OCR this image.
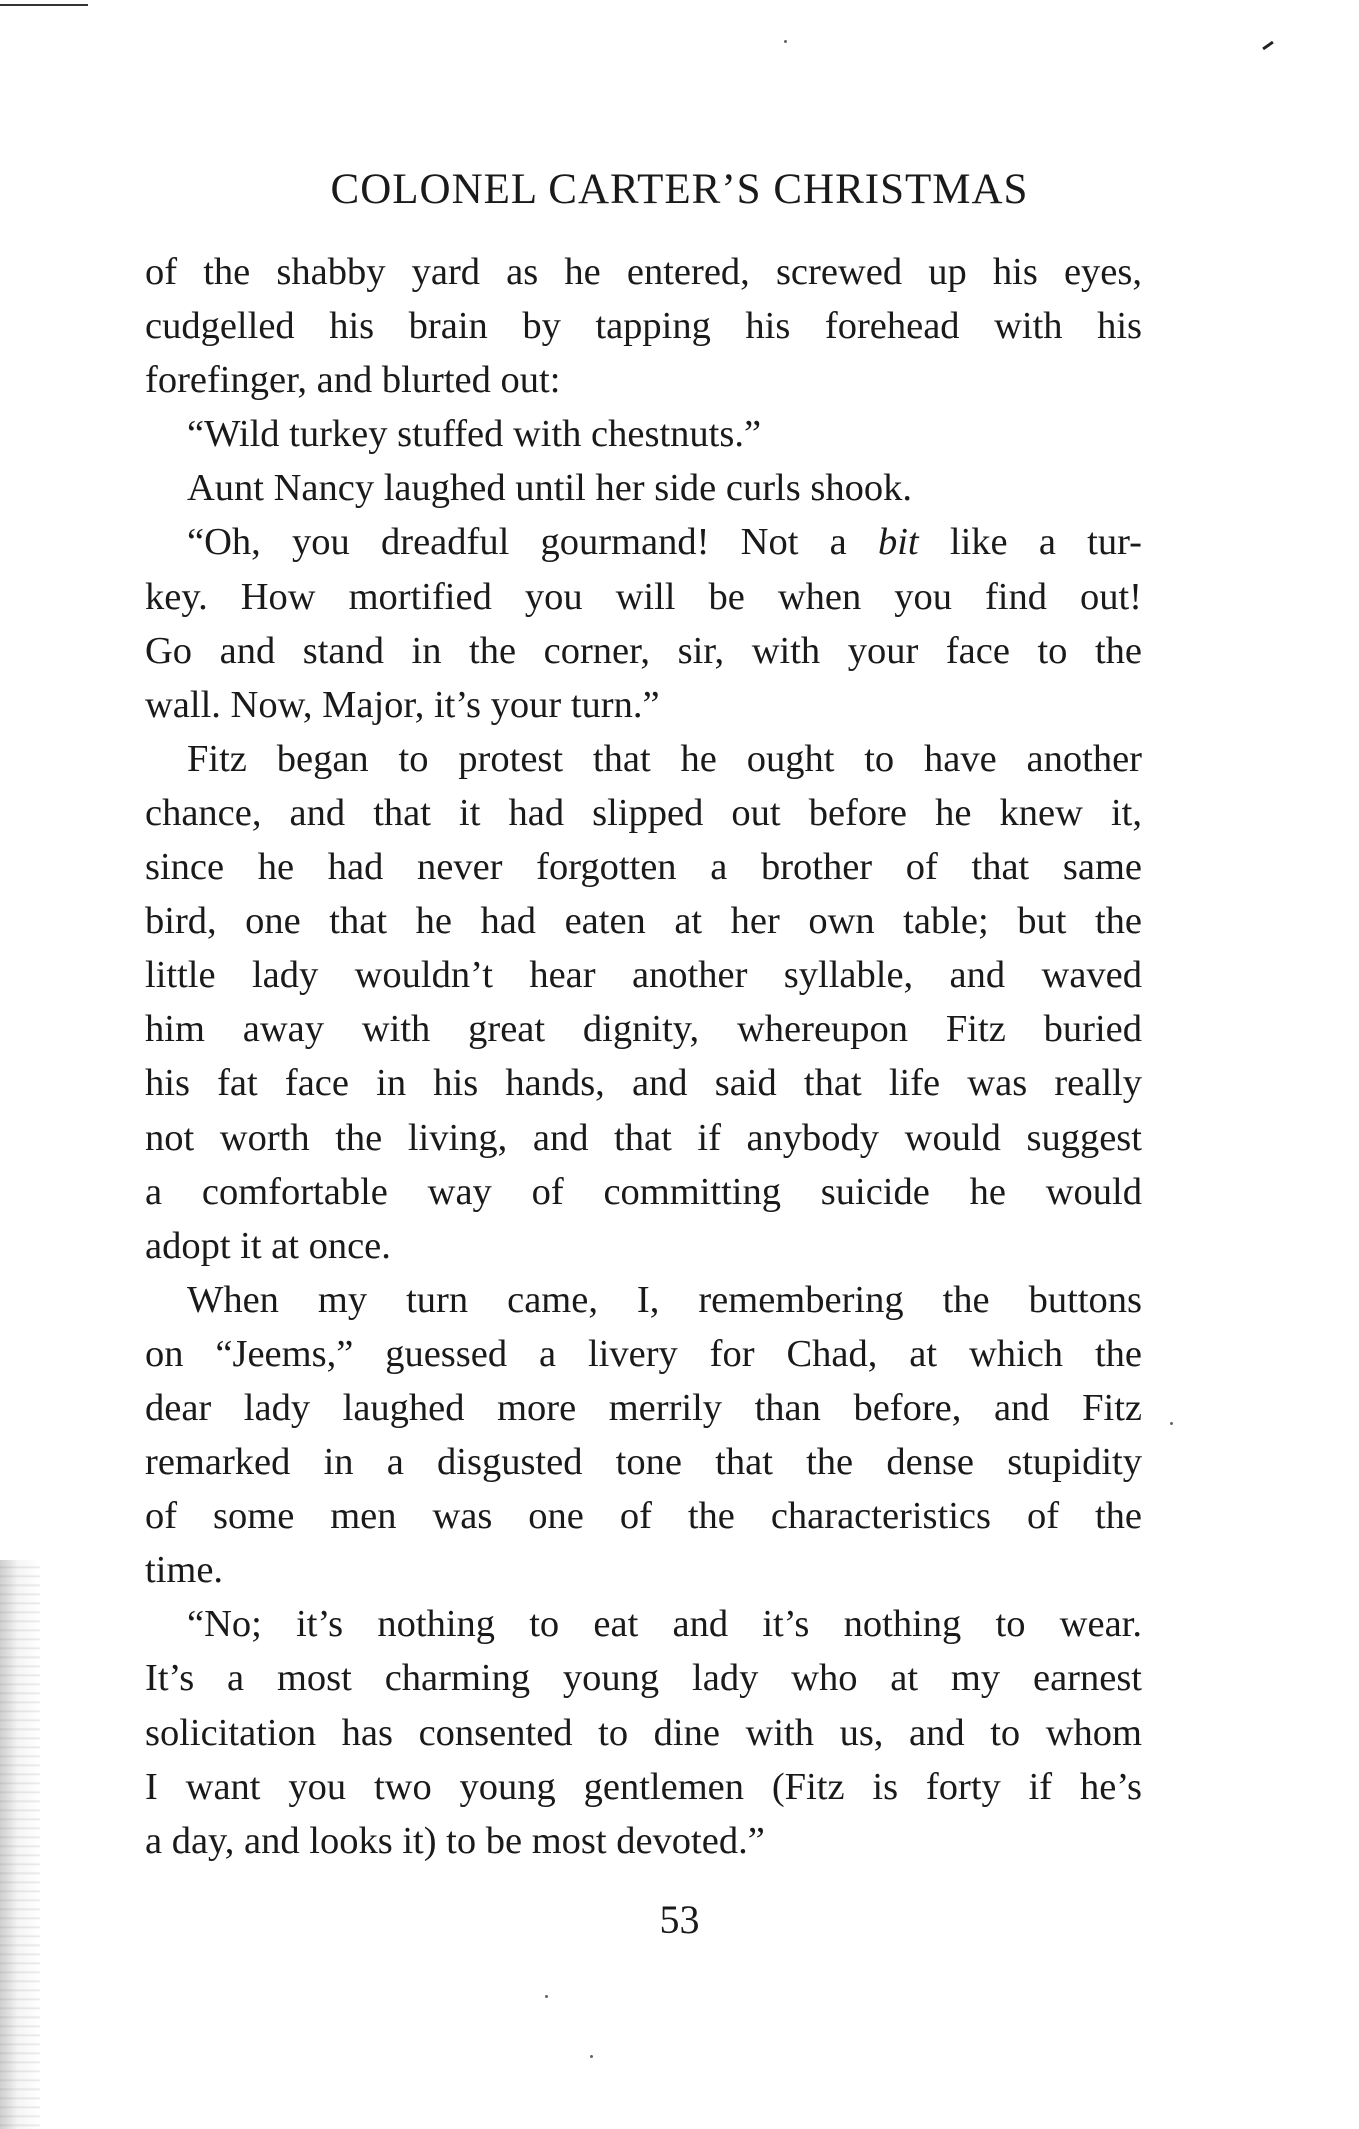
COLONEL CARTER’S CHRISTMAS
of the shabby yard as he entered, screwed up his eyes,
cudgelled his brain by tapping his forehead with his
forefinger, and blurted out:
“Wild turkey stuffed with chestnuts.”
Aunt Nancy laughed until her side curls shook.
“Oh, you dreadful gourmand! Not a bit like a tur-
key. How mortified you will be when you find out!
Go and stand in the corner, sir, with your face to the
wall. Now, Major, it’s your turn.”
Fitz began to protest that he ought to have another
chance, and that it had slipped out before he knew it,
since he had never forgotten a brother of that same
bird, one that he had eaten at her own table; but the
little lady wouldn’t hear another syllable, and waved
him away with great dignity, whereupon Fitz buried
his fat face in his hands, and said that life was really
not worth the living, and that if anybody would suggest
a comfortable way of committing suicide he would
adopt it at once.
When my turn came, I, remembering the buttons
on “Jeems,” guessed a livery for Chad, at which the
dear lady laughed more merrily than before, and Fitz
remarked in a disgusted tone that the dense stupidity
of some men was one of the characteristics of the
time.
“No; it’s nothing to eat and it’s nothing to wear.
It’s a most charming young lady who at my earnest
solicitation has consented to dine with us, and to whom
I want you two young gentlemen (Fitz is forty if he’s
a day, and looks it) to be most devoted.”
53
